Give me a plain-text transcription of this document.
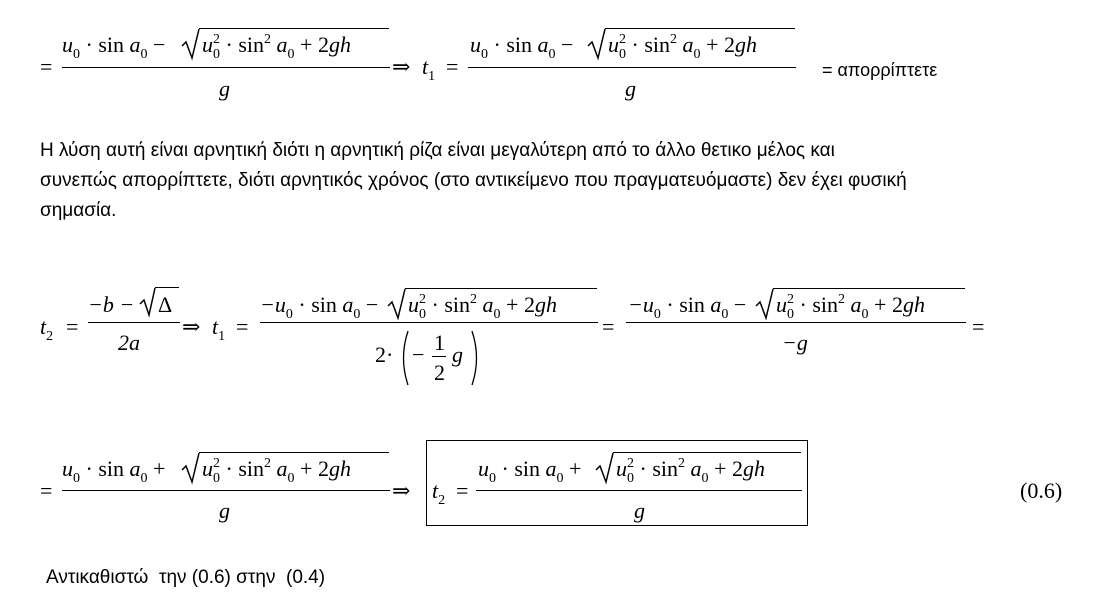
=
$u_0 \cdot \sin a_0 - u^2_0 \cdot \sin^2 a_0 + 2gh$
g
⇒ $t_1$ =
$u_0 \cdot \sin a_0 - u^2_0 \cdot \sin^2 a_0 + 2gh$
g
= απορρίπτετε
Η λύση αυτή είναι αρνητική διότι η αρνητική ρίζα είναι μεγαλύτερη από το άλλο θετικο μέλος και
συνεπώς απορρίπτετε, διότι αρνητικός χρόνος (στο αντικείμενο που πραγματευόμαστε) δεν έχει φυσική
σημασία.
$t_2$ =
−b − Δ
2a
⇒ $t_1$ =
$-u_0 \cdot \sin a_0 - u^2_0 \cdot \sin^2 a_0 + 2gh$
2· − 1
2
g
=
$-u_0 \cdot \sin a_0 - u^2_0 \cdot \sin^2 a_0 + 2gh$
−g
=
=
$u_0 \cdot \sin a_0 + u^2_0 \cdot \sin^2 a_0 + 2gh$
g
⇒ $t_2$ =
$u_0 \cdot \sin a_0 + u^2_0 \cdot \sin^2 a_0 + 2gh$
g
(0.6)
Αντικαθιστώ  την (0.6) στην  (0.4)
